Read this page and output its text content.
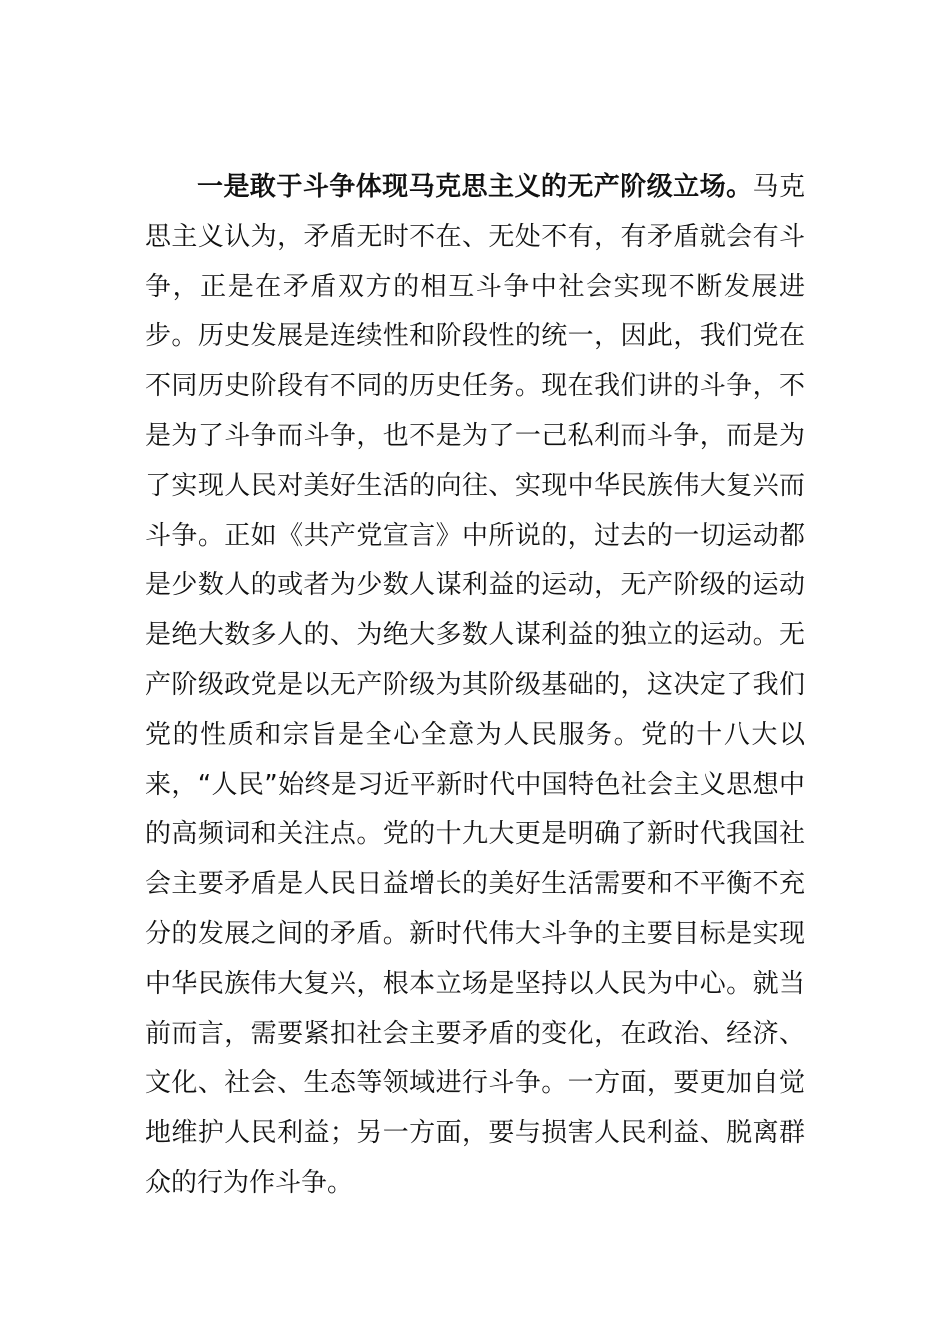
一是敢于斗争体现马克思主义的无产阶级立场。马克思主义认为，矛盾无时不在、无处不有，有矛盾就会有斗争，正是在矛盾双方的相互斗争中社会实现不断发展进步。历史发展是连续性和阶段性的统一，因此，我们党在不同历史阶段有不同的历史任务。现在我们讲的斗争，不是为了斗争而斗争，也不是为了一己私利而斗争，而是为了实现人民对美好生活的向往、实现中华民族伟大复兴而斗争。正如《共产党宣言》中所说的，过去的一切运动都是少数人的或者为少数人谋利益的运动，无产阶级的运动是绝大数多人的、为绝大多数人谋利益的独立的运动。无产阶级政党是以无产阶级为其阶级基础的，这决定了我们党的性质和宗旨是全心全意为人民服务。党的十八大以来，“人民”始终是习近平新时代中国特色社会主义思想中的高频词和关注点。党的十九大更是明确了新时代我国社会主要矛盾是人民日益增长的美好生活需要和不平衡不充分的发展之间的矛盾。新时代伟大斗争的主要目标是实现中华民族伟大复兴，根本立场是坚持以人民为中心。就当前而言，需要紧扣社会主要矛盾的变化，在政治、经济、文化、社会、生态等领域进行斗争。一方面，要更加自觉地维护人民利益；另一方面，要与损害人民利益、脱离群众的行为作斗争。
